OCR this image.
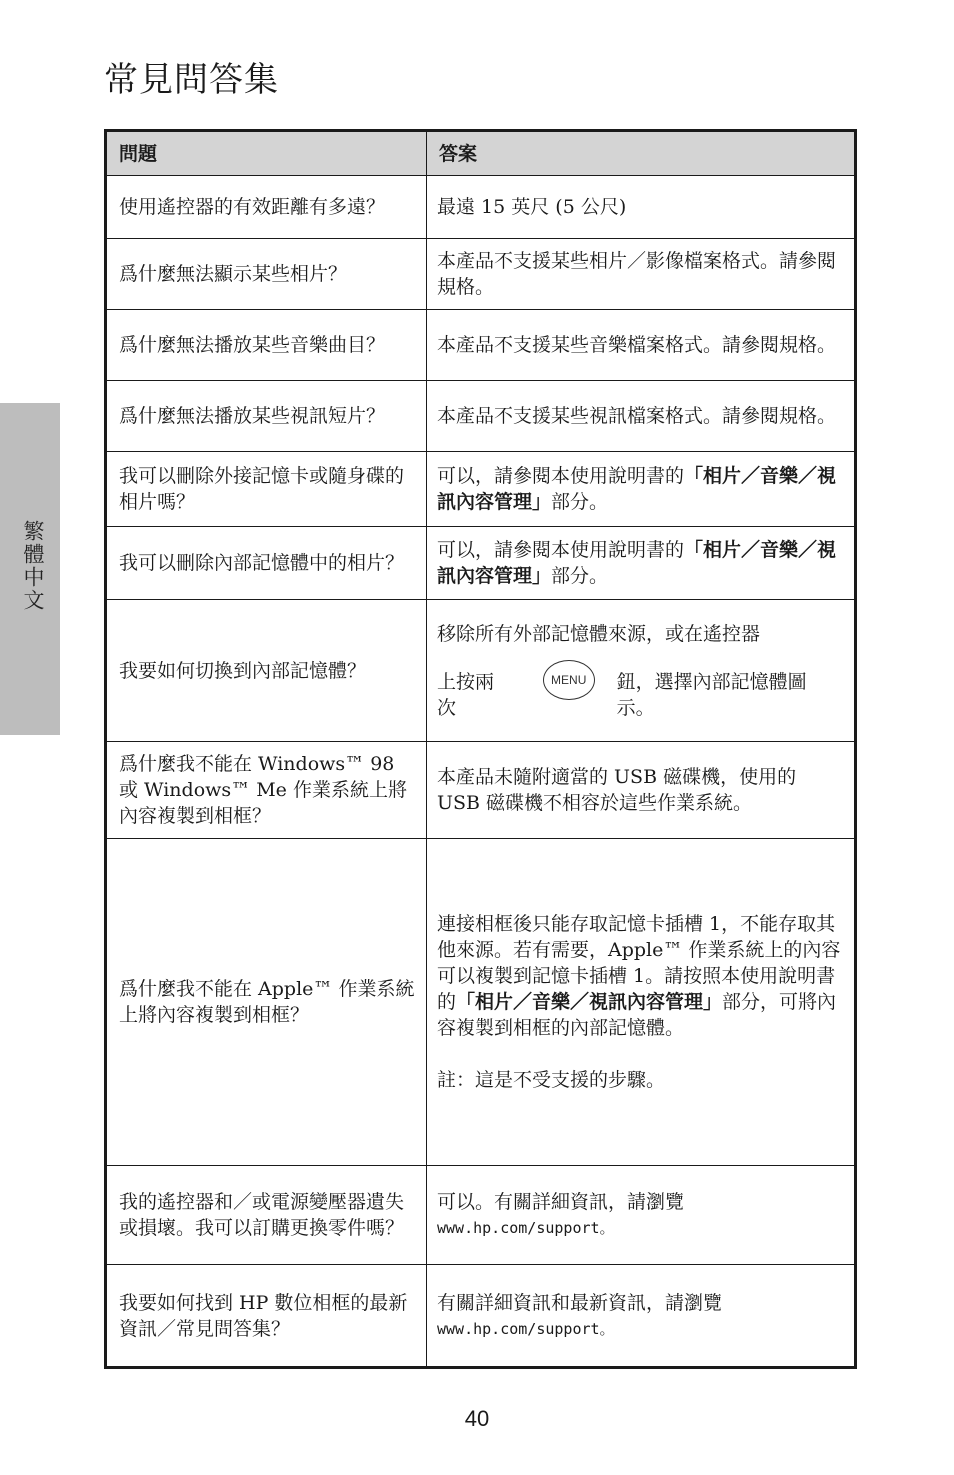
常見問答集
繁體中文
問題	答案
使用遙控器的有效距離有多遠？	最遠 15 英尺 (5 公尺)
爲什麼無法顯示某些相片？	本產品不支援某些相片／影像檔案格式。請參閱規格。
爲什麼無法播放某些音樂曲目？	本產品不支援某些音樂檔案格式。請參閱規格。
爲什麼無法播放某些視訊短片？	本產品不支援某些視訊檔案格式。請參閱規格。
我可以刪除外接記憶卡或隨身碟的相片嗎？	可以，請參閱本使用說明書的「相片／音樂／視訊內容管理」部分。
我可以刪除內部記憶體中的相片？	可以，請參閱本使用說明書的「相片／音樂／視訊內容管理」部分。
我要如何切換到內部記憶體？	移除所有外部記憶體來源，或在遙控器
上按兩次
MENU 鈕，選擇內部記憶體圖示。

爲什麼我不能在 Windows™ 98 或 Windows™ Me 作業系統上將內容複製到相框？	本產品未隨附適當的 USB 磁碟機，使用的 USB 磁碟機不相容於這些作業系統。
爲什麼我不能在 Apple™ 作業系統上將內容複製到相框？	連接相框後只能存取記憶卡插槽 1，不能存取其他來源。若有需要，Apple™ 作業系統上的內容可以複製到記憶卡插槽 1。請按照本使用說明書的「相片／音樂／視訊內容管理」部分，可將內容複製到相框的內部記憶體。
註：這是不受支援的步驟。

我的遙控器和／或電源變壓器遺失或損壞。我可以訂購更換零件嗎？	可以。有關詳細資訊，請瀏覽
www.hp.com/support。

我要如何找到 HP 數位相框的最新資訊／常見問答集？	有關詳細資訊和最新資訊，請瀏覽
www.hp.com/support。
40
